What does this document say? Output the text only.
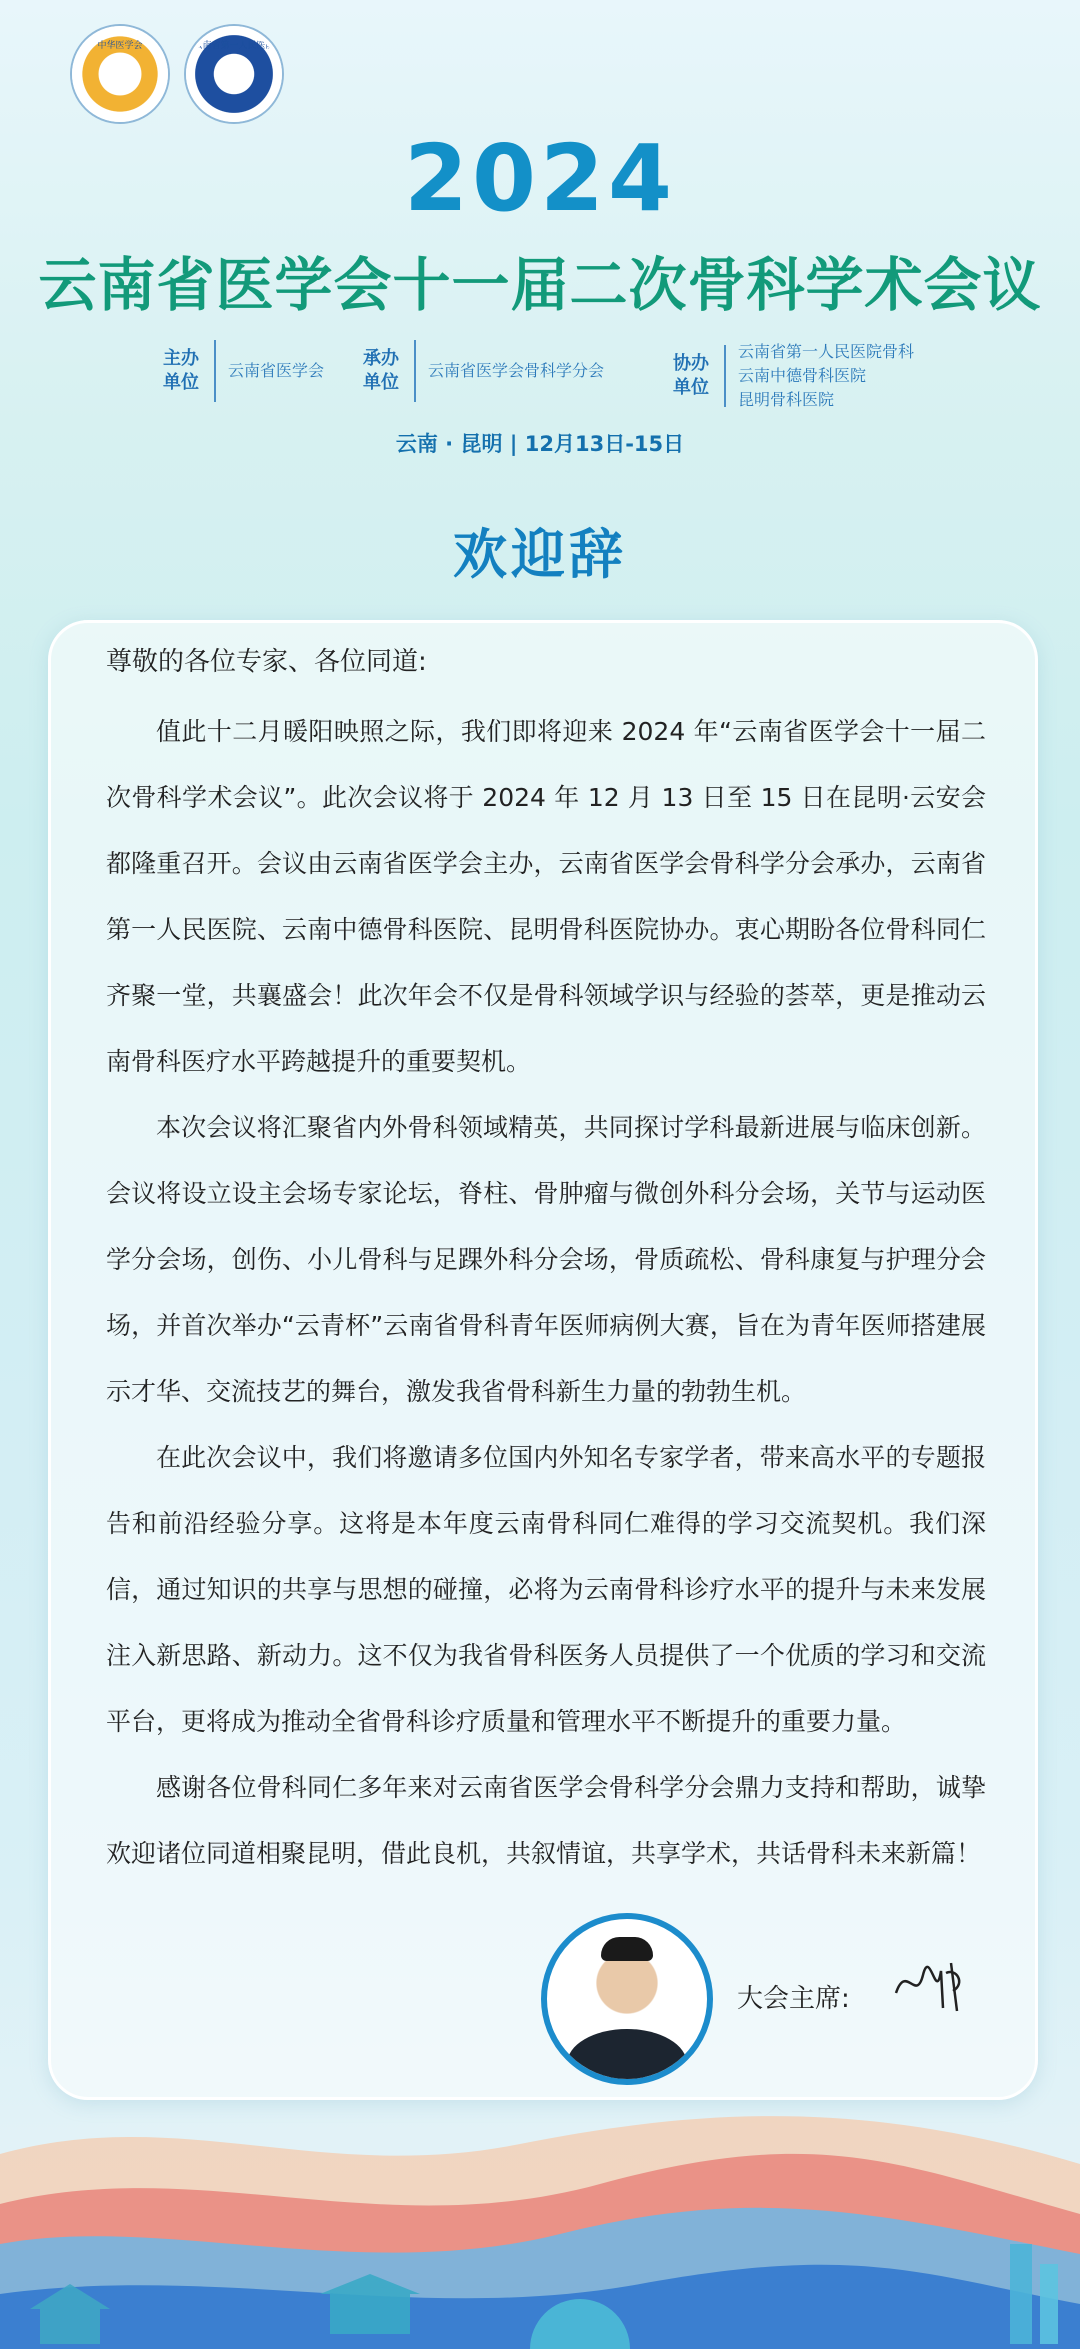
中华医学会	云南省第一人民医院
2024
云南省医学会十一届二次骨科学术会议
主办单位
云南省医学会
承办单位
云南省医学会骨科学分会	协办单位
云南省第一人民医院骨科
云南中德骨科医院
昆明骨科医院
云南 · 昆明 | 12月13日-15日
欢迎辞
尊敬的各位专家、各位同道:

值此十二月暖阳映照之际，我们即将迎来 2024 年“云南省医学会十一届二次骨科学术会议”。此次会议将于 2024 年 12 月 13 日至 15 日在昆明·云安会都隆重召开。会议由云南省医学会主办，云南省医学会骨科学分会承办，云南省第一人民医院、云南中德骨科医院、昆明骨科医院协办。衷心期盼各位骨科同仁齐聚一堂，共襄盛会！此次年会不仅是骨科领域学识与经验的荟萃，更是推动云南骨科医疗水平跨越提升的重要契机。

本次会议将汇聚省内外骨科领域精英，共同探讨学科最新进展与临床创新。会议将设立设主会场专家论坛，脊柱、骨肿瘤与微创外科分会场，关节与运动医学分会场，创伤、小儿骨科与足踝外科分会场，骨质疏松、骨科康复与护理分会场，并首次举办“云青杯”云南省骨科青年医师病例大赛，旨在为青年医师搭建展示才华、交流技艺的舞台，激发我省骨科新生力量的勃勃生机。

在此次会议中，我们将邀请多位国内外知名专家学者，带来高水平的专题报告和前沿经验分享。这将是本年度云南骨科同仁难得的学习交流契机。我们深信，通过知识的共享与思想的碰撞，必将为云南骨科诊疗水平的提升与未来发展注入新思路、新动力。这不仅为我省骨科医务人员提供了一个优质的学习和交流平台，更将成为推动全省骨科诊疗质量和管理水平不断提升的重要力量。

感谢各位骨科同仁多年来对云南省医学会骨科学分会鼎力支持和帮助，诚挚欢迎诸位同道相聚昆明，借此良机，共叙情谊，共享学术，共话骨科未来新篇！

大会主席:
